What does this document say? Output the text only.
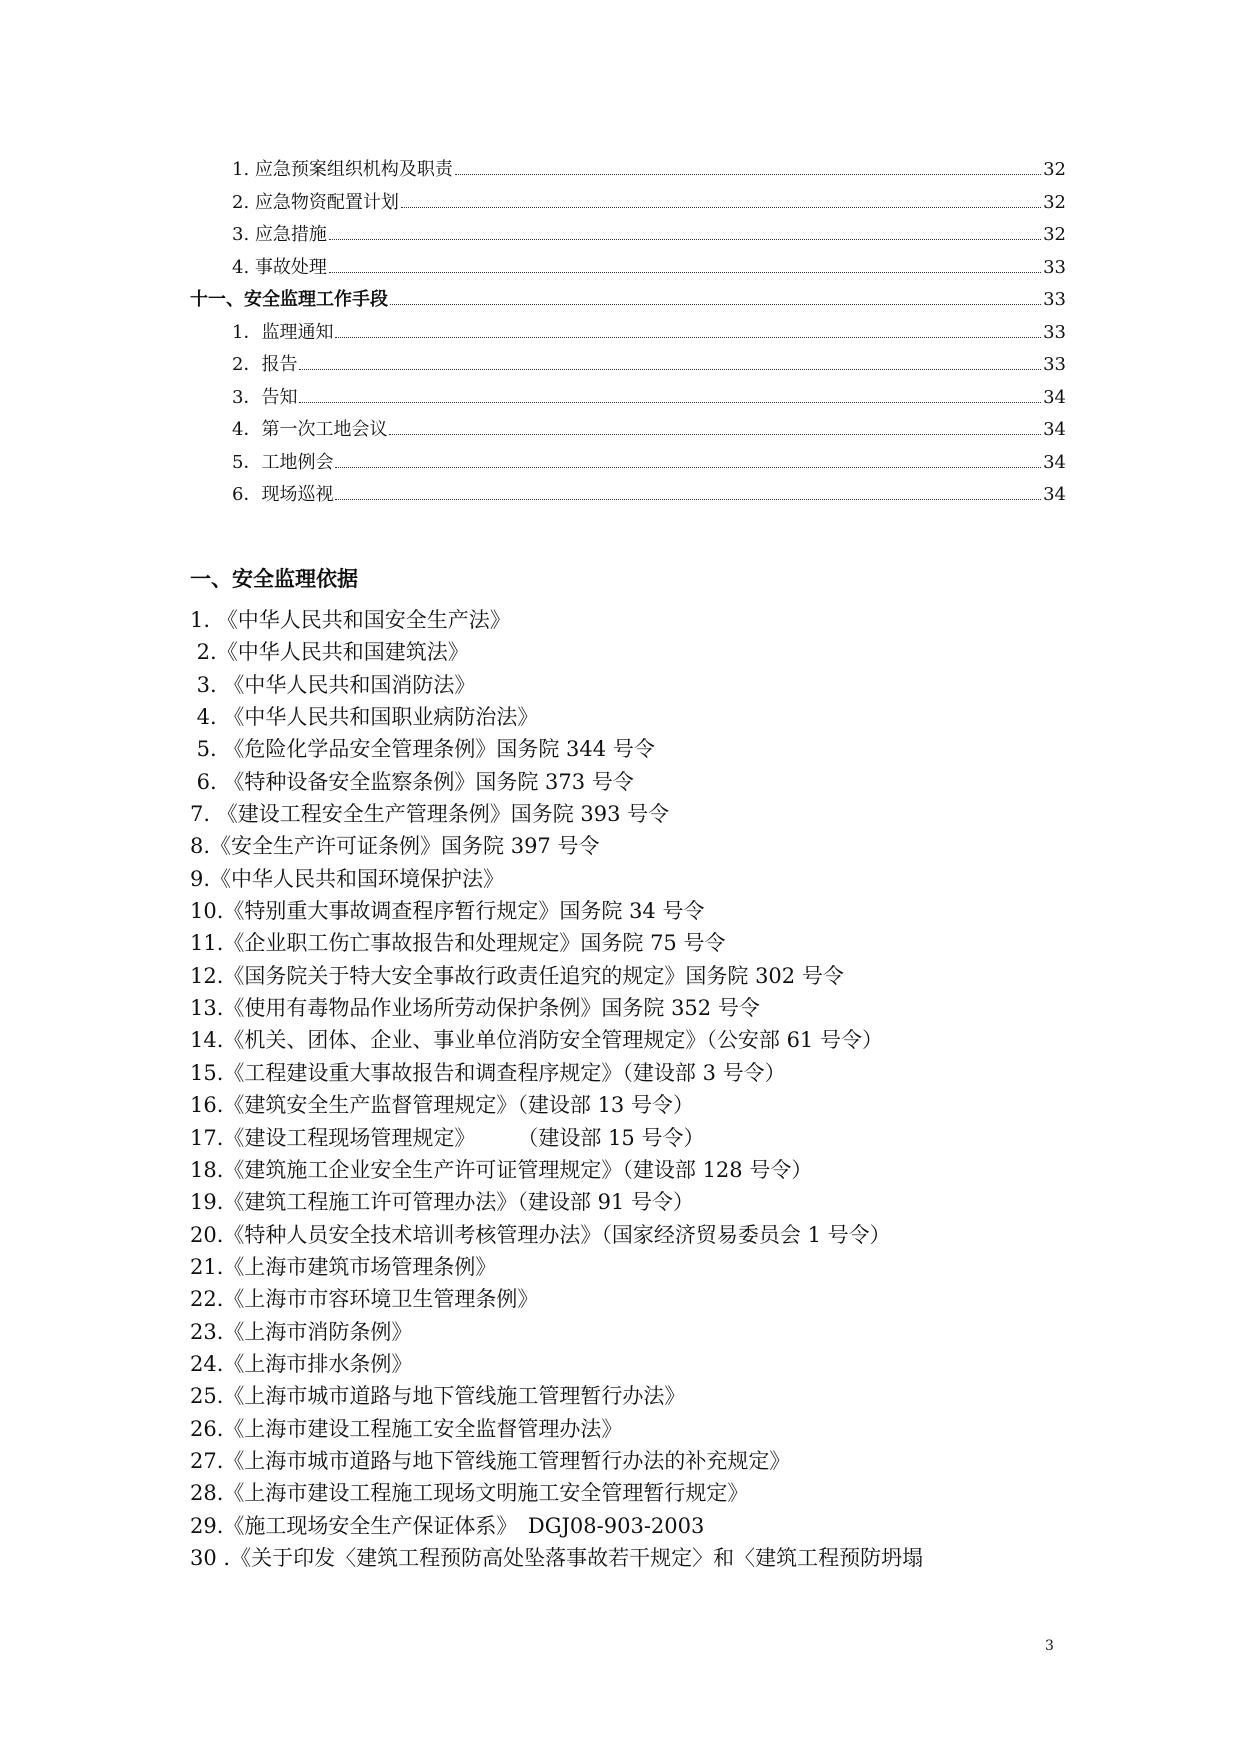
1. 应急预案组织机构及职责	32
2. 应急物资配置计划	32
3. 应急措施	32
4. 事故处理	33
十一、安全监理工作手段	33
1．监理通知	33
2．报告	33
3．告知	34
4．第一次工地会议	34
5．工地例会	34
6．现场巡视	34
一、安全监理依据
1. 《中华人民共和国安全生产法》
2.《中华人民共和国建筑法》
3. 《中华人民共和国消防法》
4. 《中华人民共和国职业病防治法》
5. 《危险化学品安全管理条例》国务院 344 号令
6. 《特种设备安全监察条例》国务院 373 号令
7. 《建设工程安全生产管理条例》国务院 393 号令
8.《安全生产许可证条例》国务院 397 号令
9.《中华人民共和国环境保护法》
10.《特别重大事故调查程序暂行规定》国务院 34 号令
11.《企业职工伤亡事故报告和处理规定》国务院 75 号令
12.《国务院关于特大安全事故行政责任追究的规定》国务院 302 号令
13.《使用有毒物品作业场所劳动保护条例》国务院 352 号令
14.《机关、团体、企业、事业单位消防安全管理规定》（公安部 61 号令）
15.《工程建设重大事故报告和调查程序规定》（建设部 3 号令）
16.《建筑安全生产监督管理规定》（建设部 13 号令）
17.《建设工程现场管理规定》　　　（建设部 15 号令）
18.《建筑施工企业安全生产许可证管理规定》（建设部 128 号令）
19.《建筑工程施工许可管理办法》（建设部 91 号令）
20.《特种人员安全技术培训考核管理办法》（国家经济贸易委员会 1 号令）
21.《上海市建筑市场管理条例》
22.《上海市市容环境卫生管理条例》
23.《上海市消防条例》
24.《上海市排水条例》
25.《上海市城市道路与地下管线施工管理暂行办法》
26.《上海市建设工程施工安全监督管理办法》
27.《上海市城市道路与地下管线施工管理暂行办法的补充规定》
28.《上海市建设工程施工现场文明施工安全管理暂行规定》
29.《施工现场安全生产保证体系》　DGJ08-903-2003
30 .《关于印发〈建筑工程预防高处坠落事故若干规定〉和〈建筑工程预防坍塌
3
